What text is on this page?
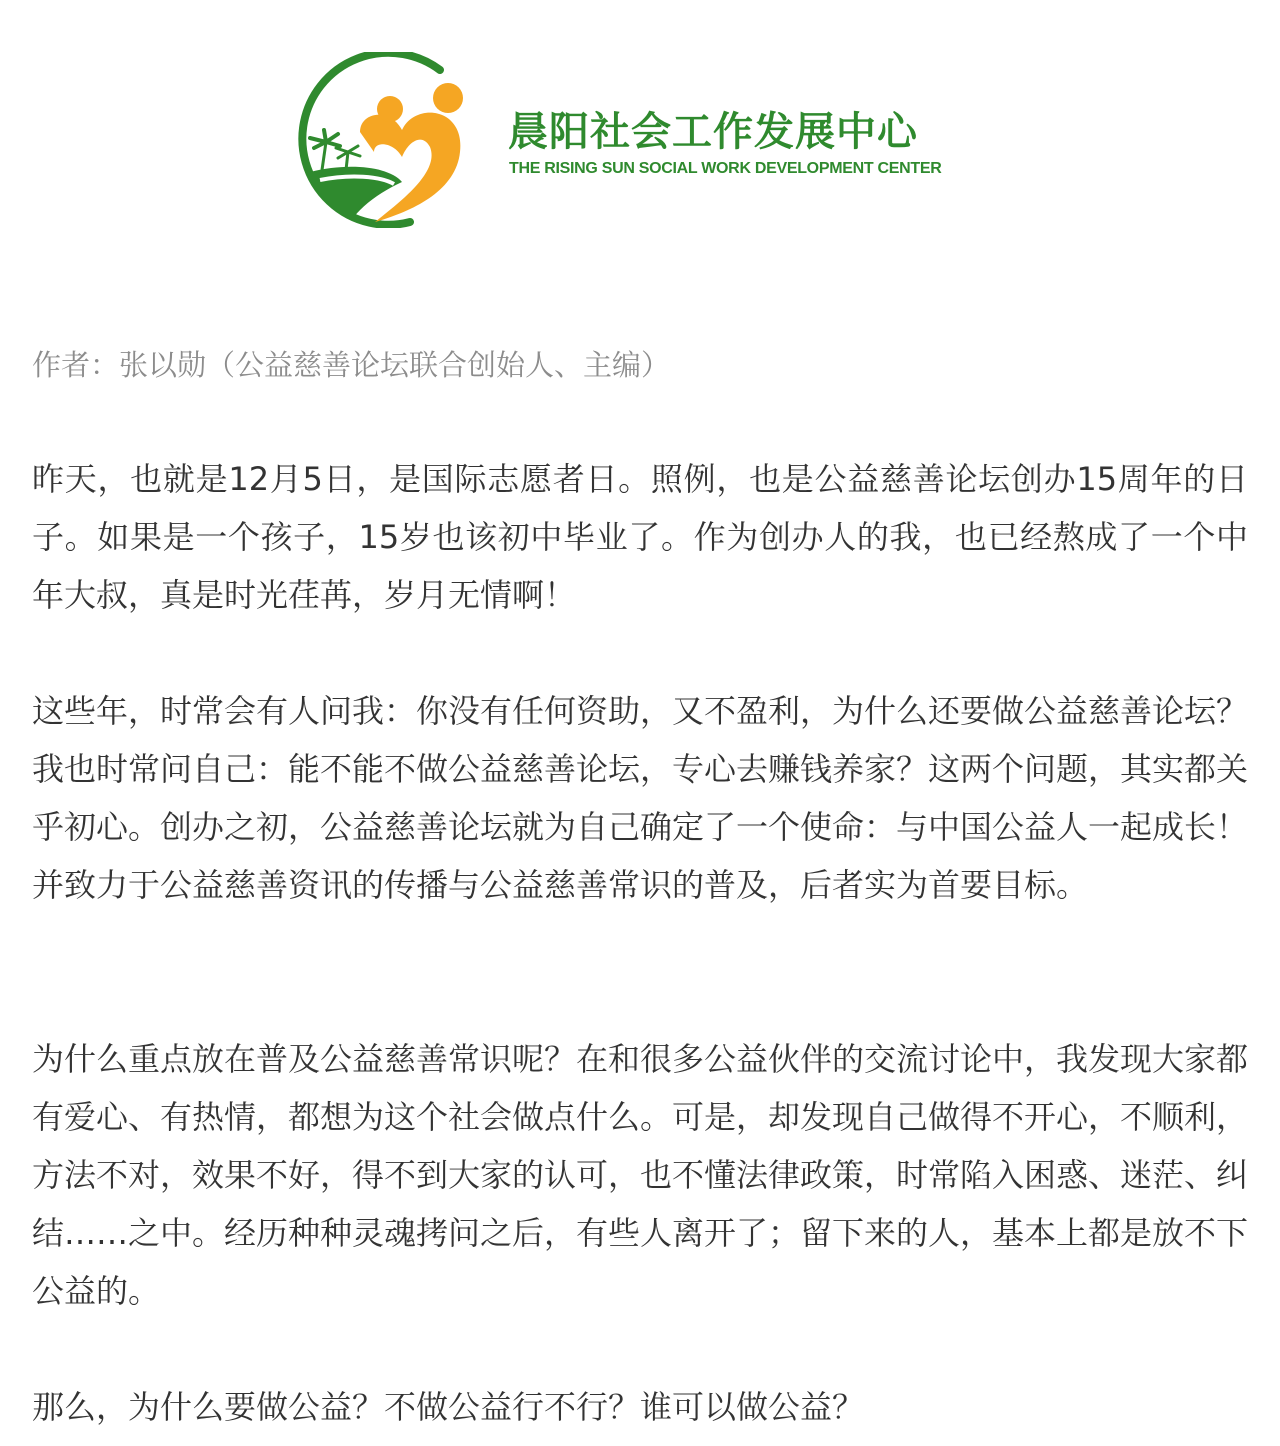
晨阳社会工作发展中心
THE RISING SUN SOCIAL WORK DEVELOPMENT CENTER
作者：张以勋（公益慈善论坛联合创始人、主编）

昨天，也就是12月5日，是国际志愿者日。照例，也是公益慈善论坛创办15周年的日子。如果是一个孩子，15岁也该初中毕业了。作为创办人的我，也已经熬成了一个中年大叔，真是时光荏苒，岁月无情啊！

这些年，时常会有人问我：你没有任何资助，又不盈利，为什么还要做公益慈善论坛？我也时常问自己：能不能不做公益慈善论坛，专心去赚钱养家？这两个问题，其实都关乎初心。创办之初，公益慈善论坛就为自己确定了一个使命：与中国公益人一起成长！并致力于公益慈善资讯的传播与公益慈善常识的普及，后者实为首要目标。

为什么重点放在普及公益慈善常识呢？在和很多公益伙伴的交流讨论中，我发现大家都有爱心、有热情，都想为这个社会做点什么。可是，却发现自己做得不开心，不顺利，方法不对，效果不好，得不到大家的认可，也不懂法律政策，时常陷入困惑、迷茫、纠结……之中。经历种种灵魂拷问之后，有些人离开了；留下来的人，基本上都是放不下公益的。

那么，为什么要做公益？不做公益行不行？谁可以做公益？
